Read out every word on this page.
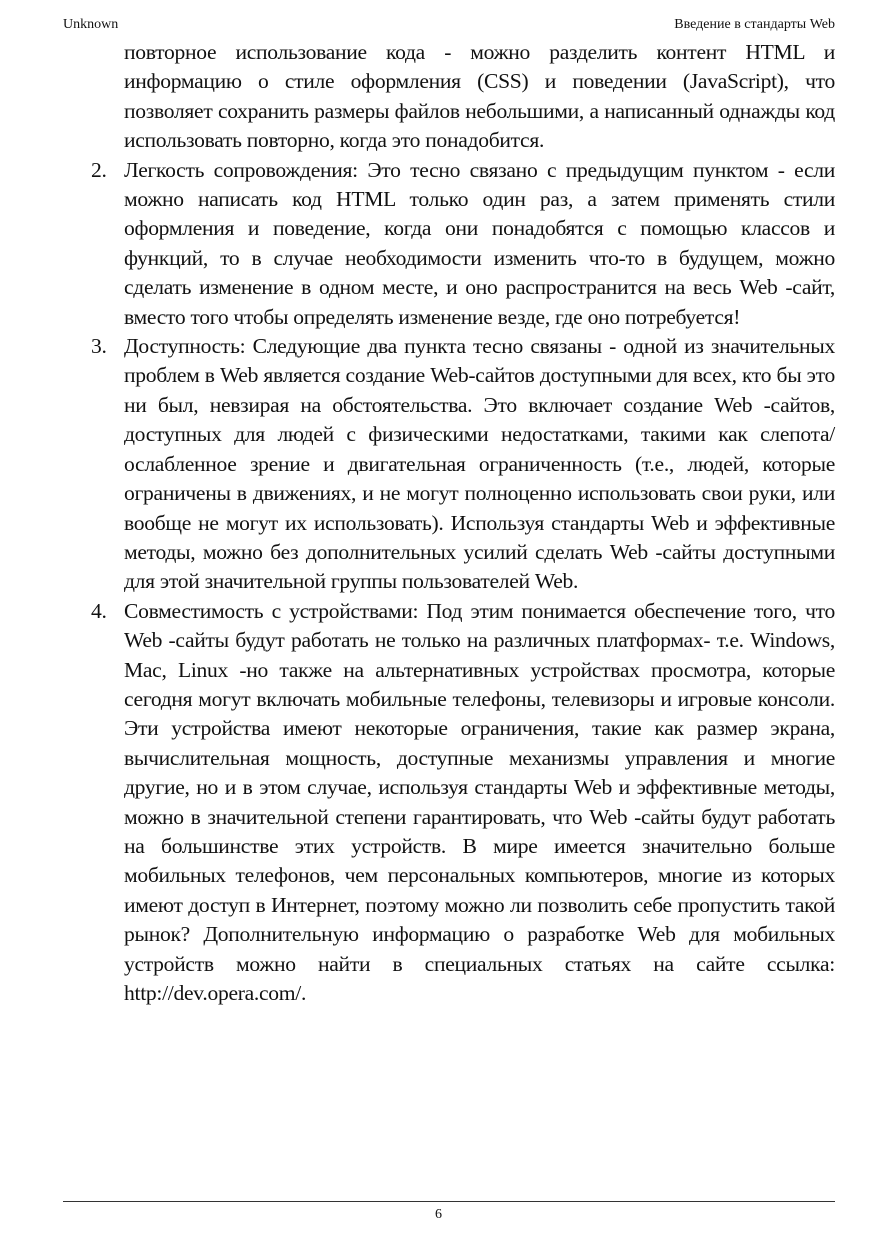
Unknown	Введение в стандарты Web

повторное использование кода - можно разделить контент HTML и информацию о стиле оформления (CSS) и поведении (JavaScript), что позволяет сохранить размеры файлов небольшими, а написанный однажды код использовать повторно, когда это понадобится.

2. Легкость сопровождения: Это тесно связано с предыдущим пунктом - если можно написать код HTML только один раз, а затем применять стили оформления и поведение, когда они понадобятся с помощью классов и функций, то в случае необходимости изменить что-то в будущем, можно сделать изменение в одном месте, и оно распространится на весь Web -сайт, вместо того чтобы определять изменение везде, где оно потребуется!
3. Доступность: Следующие два пункта тесно связаны - одной из значительных проблем в Web является создание Web-сайтов доступными для всех, кто бы это ни был, невзирая на обстоятельства. Это включает создание Web -сайтов, доступных для людей с физическими недостатками, такими как слепота/ ослабленное зрение и двигательная ограниченность (т.е., людей, которые ограничены в движениях, и не могут полноценно использовать свои руки, или вообще не могут их использовать). Используя стандарты Web и эффективные методы, можно без дополнительных усилий сделать Web -сайты доступными для этой значительной группы пользователей Web.
4. Совместимость с устройствами: Под этим понимается обеспечение того, что Web -сайты будут работать не только на различных платформах- т.е. Windows, Mac, Linux -но также на альтернативных устройствах просмотра, которые сегодня могут включать мобильные телефоны, телевизоры и игровые консоли. Эти устройства имеют некоторые ограничения, такие как размер экрана, вычислительная мощность, доступные механизмы управления и многие другие, но и в этом случае, используя стандарты Web и эффективные методы, можно в значительной степени гарантировать, что Web -сайты будут работать на большинстве этих устройств. В мире имеется значительно больше мобильных телефонов, чем персональных компьютеров, многие из которых имеют доступ в Интернет, поэтому можно ли позволить себе пропустить такой рынок? Дополнительную информацию о разработке Web для мобильных устройств можно найти в специальных статьях на сайте ссылка: http://dev.opera.com/.
6
